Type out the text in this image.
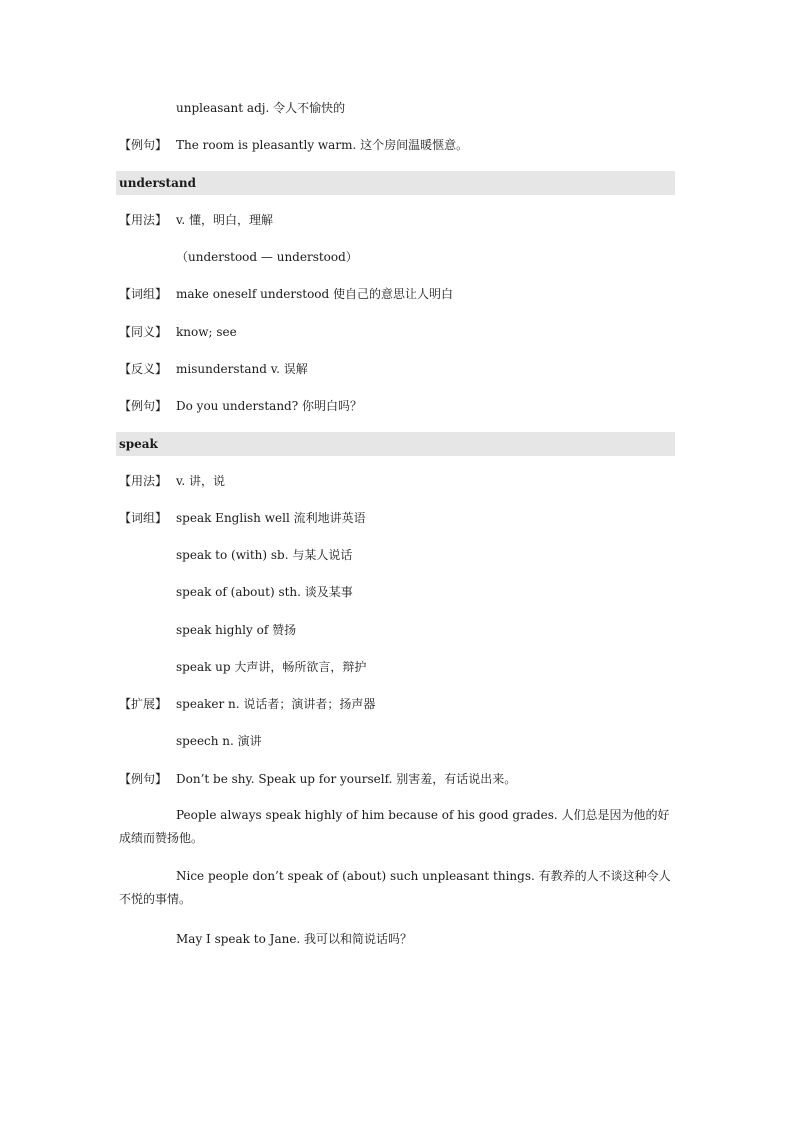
unpleasant adj. 令人不愉快的
【例句】 The room is pleasantly warm. 这个房间温暖惬意。
understand
【用法】 v. 懂，明白，理解
（understood — understood）
【词组】 make oneself understood 使自己的意思让人明白
【同义】 know; see
【反义】 misunderstand v. 误解
【例句】 Do you understand? 你明白吗？
speak
【用法】 v. 讲，说
【词组】 speak English well 流利地讲英语
speak to (with) sb. 与某人说话
speak of (about) sth. 谈及某事
speak highly of 赞扬
speak up 大声讲，畅所欲言，辩护
【扩展】 speaker n. 说话者；演讲者；扬声器
speech n. 演讲
【例句】 Don’t be shy. Speak up for yourself. 别害羞，有话说出来。
People always speak highly of him because of his good grades. 人们总是因为他的好
成绩而赞扬他。
Nice people don’t speak of (about) such unpleasant things. 有教养的人不谈这种令人
不悦的事情。
May I speak to Jane. 我可以和简说话吗？
